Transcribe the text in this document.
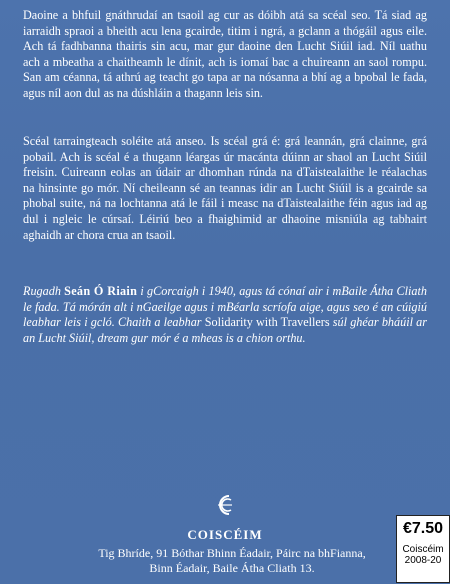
Daoine a bhfuil gnáthrudaí an tsaoil ag cur as dóibh atá sa scéal seo. Tá siad ag iarraidh spraoi a bheith acu lena gcairde, titim i ngrá, a gclann a thógáil agus eile. Ach tá fadhbanna thairis sin acu, mar gur daoine den Lucht Siúil iad. Níl uathu ach a mbeatha a chaitheamh le dínit, ach is iomaí bac a chuireann an saol rompu. San am céanna, tá athrú ag teacht go tapa ar na nósanna a bhí ag a bpobal le fada, agus níl aon dul as na dúshláin a thagann leis sin.

Scéal tarraingteach soléite atá anseo. Is scéal grá é: grá leannán, grá clainne, grá pobail. Ach is scéal é a thugann léargas úr macánta dúinn ar shaol an Lucht Siúil freisin. Cuireann eolas an údair ar dhomhan rúnda na dTaistealaithe le réalachas na hinsinte go mór. Ní cheileann sé an teannas idir an Lucht Siúil is a gcairde sa phobal suite, ná na lochtanna atá le fáil i measc na dTaistealaithe féin agus iad ag dul i ngleic le cúrsaí. Léiriú beo a fhaighimid ar dhaoine misniúla ag tabhairt aghaidh ar chora crua an tsaoil.

Rugadh Seán Ó Riain i gCorcaigh i 1940, agus tá cónaí air i mBaile Átha Cliath le fada. Tá mórán alt i nGaeilge agus i mBéarla scríofa aige, agus seo é an cúigiú leabhar leis i gcló. Chaith a leabhar Solidarity with Travellers súl ghéar bháúil ar an Lucht Siúil, dream gur mór é a mheas is a chion orthu.

COISCÉIM
Tig Bhríde, 91 Bóthar Bhinn Éadair, Páirc na bhFianna,
Binn Éadair, Baile Átha Cliath 13.
€7.50
Coiscéim
2008-20
